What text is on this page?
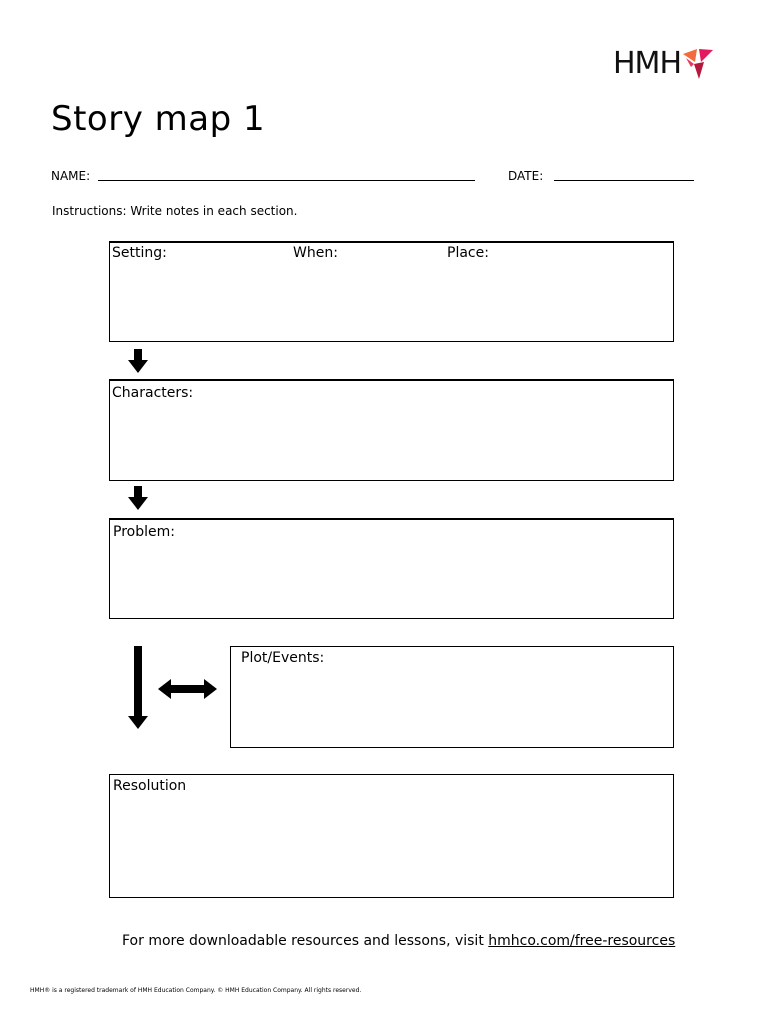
HMH
Story map 1
NAME:	DATE:
Instructions: Write notes in each section.
Setting:	When:	Place:
Characters:
Problem:
Plot/Events:
Resolution
For more downloadable resources and lessons, visit hmhco.com/free-resources
HMH® is a registered trademark of HMH Education Company. © HMH Education Company. All rights reserved.
